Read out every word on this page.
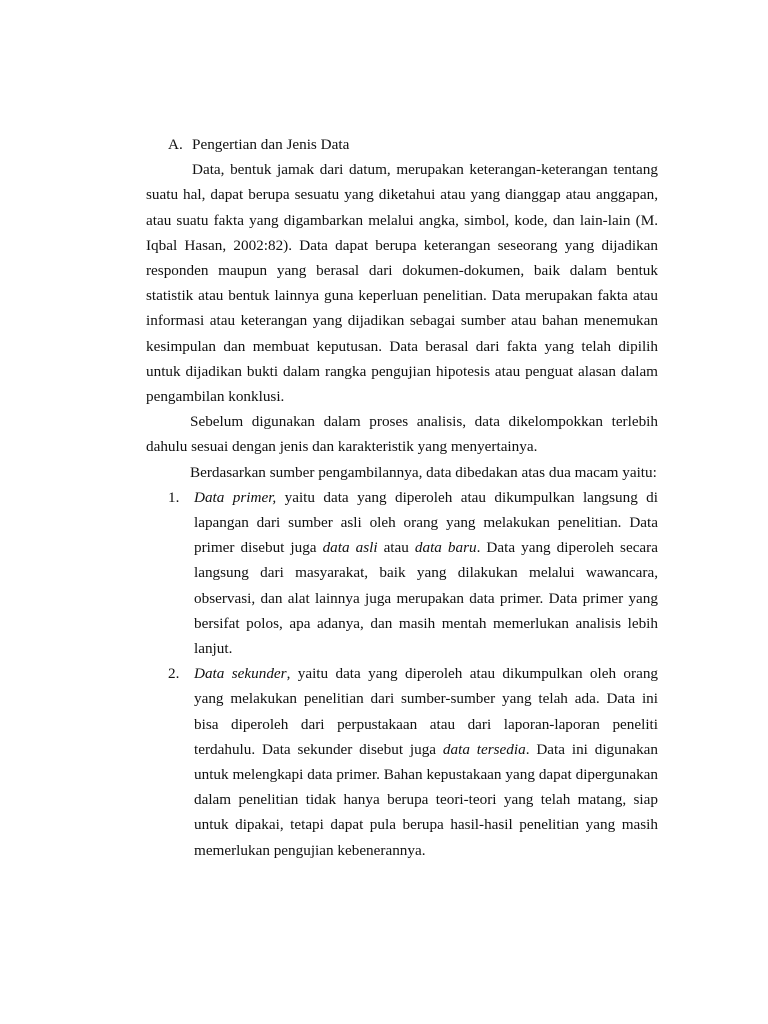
A. Pengertian dan Jenis Data

Data, bentuk jamak dari datum, merupakan keterangan-keterangan tentang suatu hal, dapat berupa sesuatu yang diketahui atau yang dianggap atau anggapan, atau suatu fakta yang digambarkan melalui angka, simbol, kode, dan lain-lain (M. Iqbal Hasan, 2002:82). Data dapat berupa keterangan seseorang yang dijadikan responden maupun yang berasal dari dokumen-dokumen, baik dalam bentuk statistik atau bentuk lainnya guna keperluan penelitian. Data merupakan fakta atau informasi atau keterangan yang dijadikan sebagai sumber atau bahan menemukan kesimpulan dan membuat keputusan. Data berasal dari fakta yang telah dipilih untuk dijadikan bukti dalam rangka pengujian hipotesis atau penguat alasan dalam pengambilan konklusi.

Sebelum digunakan dalam proses analisis, data dikelompokkan terlebih dahulu sesuai dengan jenis dan karakteristik yang menyertainya.

Berdasarkan sumber pengambilannya, data dibedakan atas dua macam yaitu:

1. Data primer, yaitu data yang diperoleh atau dikumpulkan langsung di lapangan dari sumber asli oleh orang yang melakukan penelitian. Data primer disebut juga data asli atau data baru. Data yang diperoleh secara langsung dari masyarakat, baik yang dilakukan melalui wawancara, observasi, dan alat lainnya juga merupakan data primer. Data primer yang bersifat polos, apa adanya, dan masih mentah memerlukan analisis lebih lanjut.
2. Data sekunder, yaitu data yang diperoleh atau dikumpulkan oleh orang yang melakukan penelitian dari sumber-sumber yang telah ada. Data ini bisa diperoleh dari perpustakaan atau dari laporan-laporan peneliti terdahulu. Data sekunder disebut juga data tersedia. Data ini digunakan untuk melengkapi data primer. Bahan kepustakaan yang dapat dipergunakan dalam penelitian tidak hanya berupa teori-teori yang telah matang, siap untuk dipakai, tetapi dapat pula berupa hasil-hasil penelitian yang masih memerlukan pengujian kebenerannya.
